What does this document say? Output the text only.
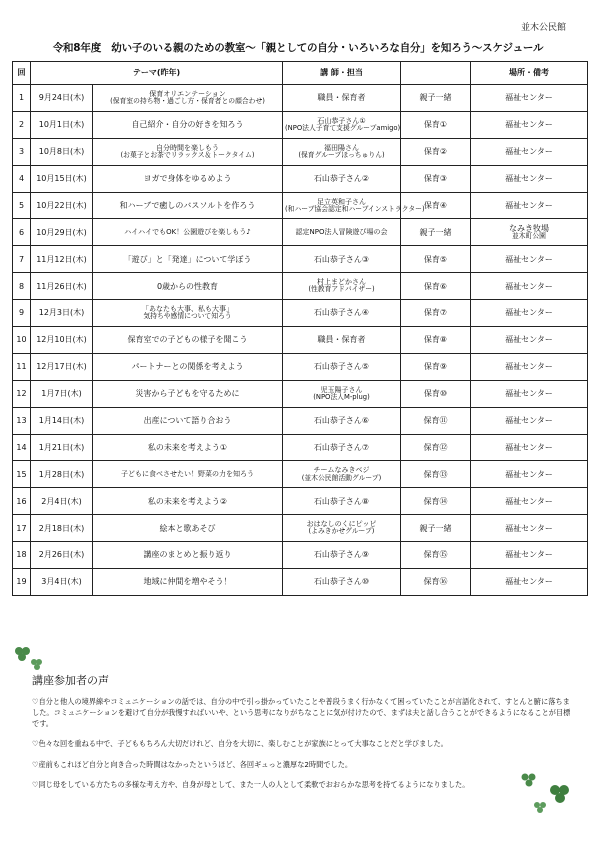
並木公民館
令和8年度　幼い子のいる親のための教室～「親としての自分・いろいろな自分」を知ろう～スケジュール
回	テーマ(昨年)		講 師・担当		場所・備考
1	9月24日(木)	保育オリエンテーション
(保育室の持ち物・過ごし方・保育者との顔合わせ)	職員・保育者	親子一緒	福祉センター
2	10月1日(木)	自己紹介・自分の好きを知ろう	石山恭子さん①
(NPO法人子育て支援グループamigo)	保育①	福祉センター
3	10月8日(木)	自分時間を楽しもう
(お菓子とお茶でリラックス＆トークタイム)	福田陽さん
(保育グループほっちゅりん)	保育②	福祉センター
4	10月15日(木)	ヨガで身体をゆるめよう	石山恭子さん②	保育③	福祉センター
5	10月22日(木)	和ハーブで癒しのバスソルトを作ろう	足立英和子さん
(和ハーブ協会認定和ハーブインストラクター)	保育④	福祉センター
6	10月29日(木)	ハイハイでもOK！公園遊びを楽しもう♪	認定NPO法人冒険遊び場の会	親子一緒	なみき牧場
並木町公園

7	11月12日(木)	「遊び」と「発達」について学ぼう	石山恭子さん③	保育⑤	福祉センター
8	11月26日(木)	0歳からの性教育	村上まどかさん
(性教育アドバイザー)	保育⑥	福祉センター
9	12月3日(木)	「あなたも大事、私も大事」
気持ちや感情について知ろう	石山恭子さん④	保育⑦	福祉センター
10	12月10日(木)	保育室での子どもの様子を聞こう	職員・保育者	保育⑧	福祉センター
11	12月17日(木)	パートナーとの関係を考えよう	石山恭子さん⑤	保育⑨	福祉センター
12	1月7日(木)	災害から子どもを守るために	児玉陽子さん
(NPO法人M-plug)	保育⑩	福祉センター
13	1月14日(木)	出産について語り合おう	石山恭子さん⑥	保育⑪	福祉センター
14	1月21日(木)	私の未来を考えよう①	石山恭子さん⑦	保育⑫	福祉センター
15	1月28日(木)	子どもに食べさせたい！野菜の力を知ろう	チームなみきベジ
(並木公民館活動グループ)	保育⑬	福祉センター
16	2月4日(木)	私の未来を考えよう②	石山恭子さん⑧	保育⑭	福祉センター
17	2月18日(木)	絵本と歌あそび	おはなしのくにピッピ
(よみきかせグループ)	親子一緒	福祉センター
18	2月26日(木)	講座のまとめと振り返り	石山恭子さん⑨	保育⑮	福祉センター
19	3月4日(木)	地域に仲間を増やそう！	石山恭子さん⑩	保育⑯	福祉センター
講座参加者の声

♡自分と他人の境界線やコミュニケーションの話では、自分の中で引っ掛かっていたことや普段うまく行かなくて困っていたことが言語化されて、すとんと腑に落ちました。コミュニケーションを避けて自分が我慢すればいいや、という思考になりがちなことに気が付けたので、まずは夫と話し合うことができるようになることが目標です。

♡色々な回を重ねる中で、子どももちろん大切だけれど、自分を大切に、楽しむことが家族にとって大事なことだと学びました。

♡産前もこれほど自分と向き合った時間はなかったというほど、各回ギュっと濃厚な2時間でした。

♡同じ母をしている方たちの多様な考え方や、自身が母として、また一人の人として柔軟でおおらかな思考を持てるようになりました。
